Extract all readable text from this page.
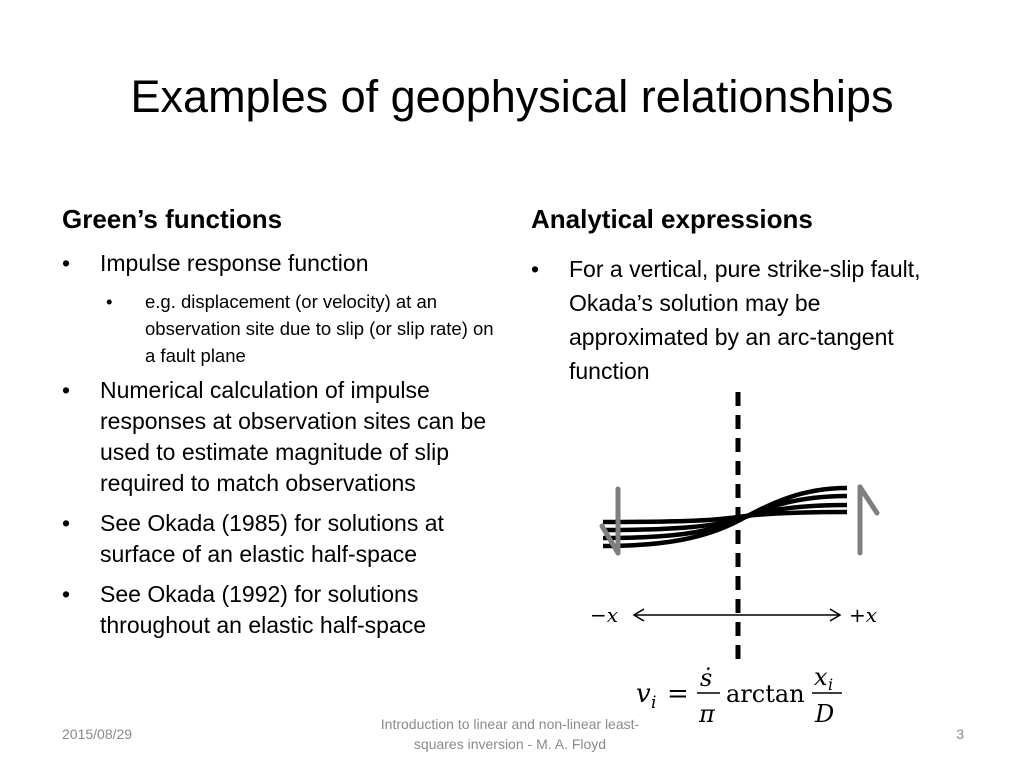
Examples of geophysical relationships
Green’s functions
• Impulse response function
• e.g. displacement (or velocity) at an observation site due to slip (or slip rate) on a fault plane
• Numerical calculation of impulse responses at observation sites can be used to estimate magnitude of slip required to match observations
• See Okada (1985) for solutions at surface of an elastic half-space
• See Okada (1992) for solutions throughout an elastic half-space
Analytical expressions
• For a vertical, pure strike-slip fault, Okada’s solution may be approximated by an arc-tangent function
−x	+x
v i =
ṡ
π
arctan
x i
D
2015/08/29
Introduction to linear and non-linear least-
squares inversion - M. A. Floyd
3
